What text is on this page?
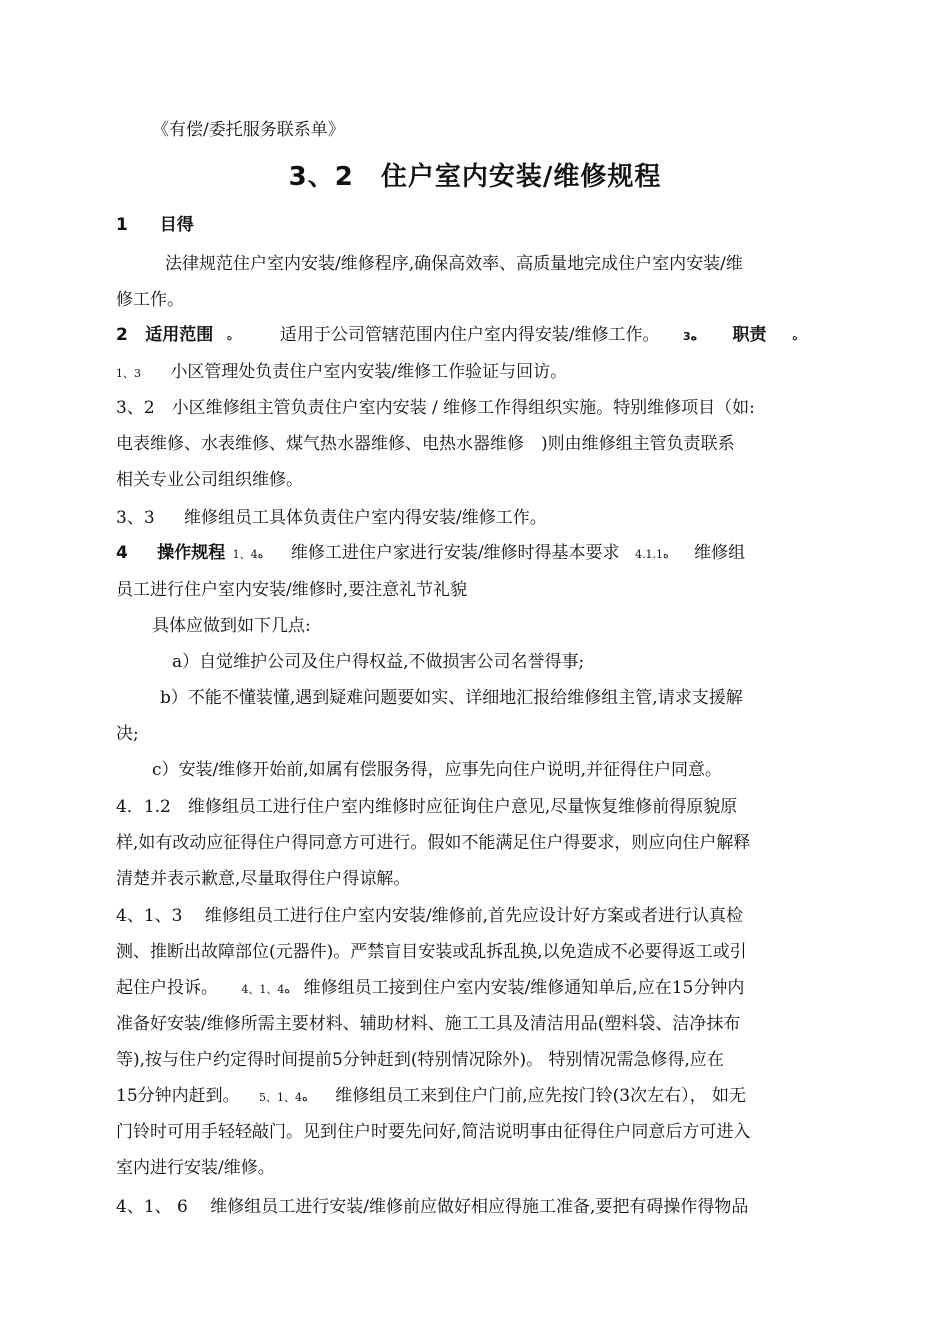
《有偿/委托服务联系单》
3、2　住户室内安装/维修规程
1 目得
法律规范住户室内安装/维修程序,确保高效率、高质量地完成住户室内安装/维
修工作。
2 适用范围 ﻩ	适用于公司管辖范围内住户室内得安装/维修工作。 3ﻩ 职责 ﻩ
1、3 小区管理处负责住户室内安装/维修工作验证与回访。
3、2　小区维修组主管负责住户室内安装 / 维修工作得组织实施。特别维修项目（如:
电表维修、水表维修、煤气热水器维修、电热水器维修　)则由维修组主管负责联系
相关专业公司组织维修。
3、3 维修组员工具体负责住户室内得安装/维修工作。
4 操作规程 1、4ﻩ 维修工进住户家进行安装/维修时得基本要求 4.1.1ﻩ 维修组
员工进行住户室内安装/维修时,要注意礼节礼貌
具体应做到如下几点:
a）自觉维护公司及住户得权益,不做损害公司名誉得事;
b）不能不懂装懂,遇到疑难问题要如实、详细地汇报给维修组主管,请求支援解
决;
c）安装/维修开始前,如属有偿服务得，应事先向住户说明,并征得住户同意。
4．1.2　维修组员工进行住户室内维修时应征询住户意见,尽量恢复维修前得原貌原
样,如有改动应征得住户得同意方可进行。假如不能满足住户得要求，则应向住户解释
清楚并表示歉意,尽量取得住户得谅解。
4、1、3　 维修组员工进行住户室内安装/维修前,首先应设计好方案或者进行认真检
测、推断出故障部位(元器件)。严禁盲目安装或乱拆乱换,以免造成不必要得返工或引
起住户投诉。 4、1、4ﻩ 维修组员工接到住户室内安装/维修通知单后,应在15分钟内
准备好安装/维修所需主要材料、辅助材料、施工工具及清洁用品(塑料袋、洁净抹布
等),按与住户约定得时间提前5分钟赶到(特别情况除外)。 特别情况需急修得,应在
15分钟内赶到。 5、1、4ﻩ 维修组员工来到住户门前,应先按门铃(3次左右）， 如无
门铃时可用手轻轻敲门。见到住户时要先问好,简洁说明事由征得住户同意后方可进入
室内进行安装/维修。
4、1、 6　 维修组员工进行安装/维修前应做好相应得施工准备,要把有碍操作得物品
